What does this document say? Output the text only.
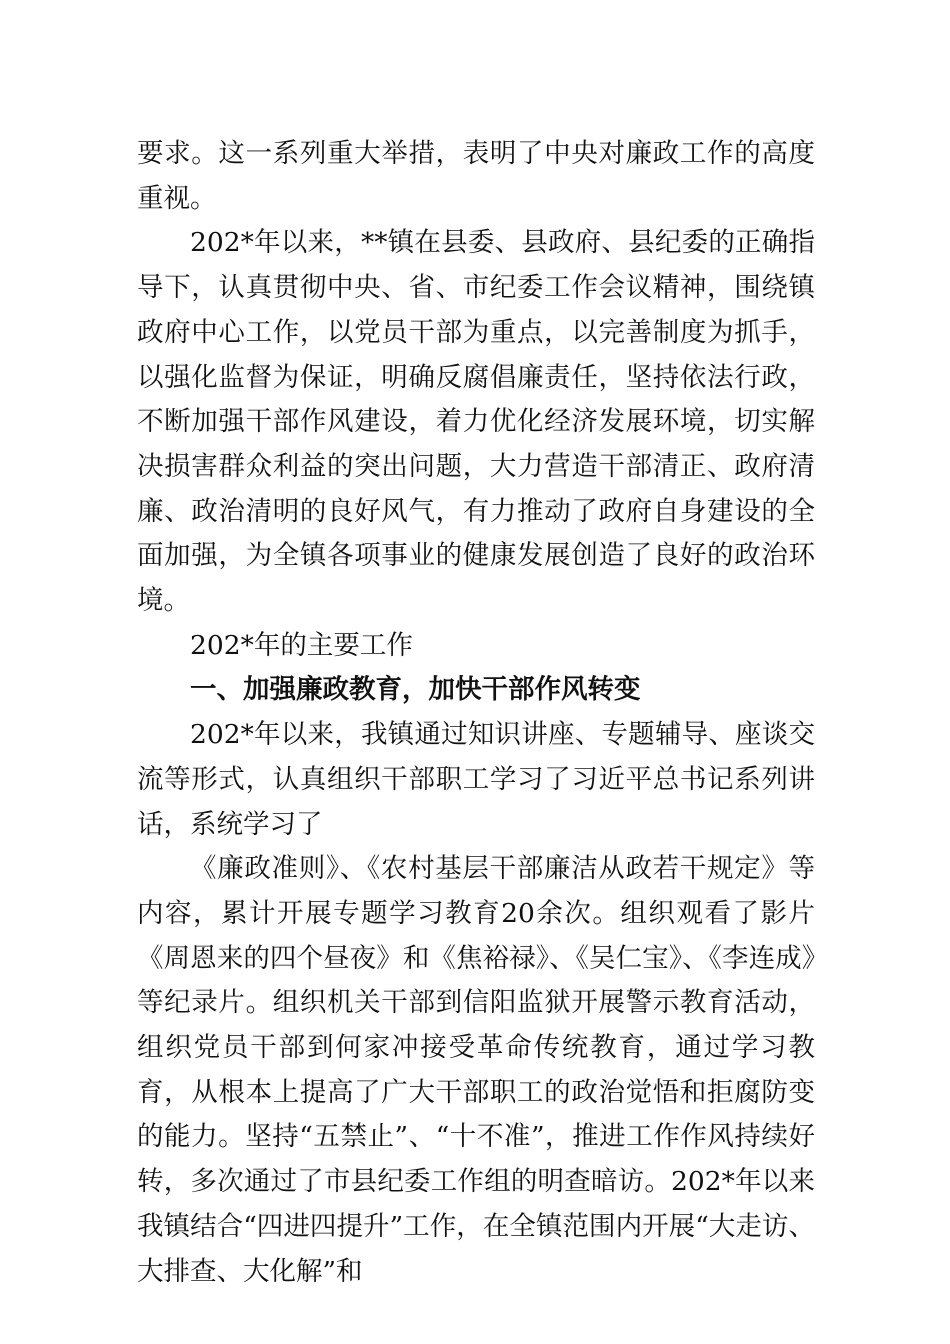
要求。这一系列重大举措，表明了中央对廉政工作的高度重视。

202*年以来，**镇在县委、县政府、县纪委的正确指导下，认真贯彻中央、省、市纪委工作会议精神，围绕镇政府中心工作，以党员干部为重点，以完善制度为抓手，以强化监督为保证，明确反腐倡廉责任，坚持依法行政，不断加强干部作风建设，着力优化经济发展环境，切实解决损害群众利益的突出问题，大力营造干部清正、政府清廉、政治清明的良好风气，有力推动了政府自身建设的全面加强，为全镇各项事业的健康发展创造了良好的政治环境。

202*年的主要工作

一、加强廉政教育，加快干部作风转变

202*年以来，我镇通过知识讲座、专题辅导、座谈交流等形式，认真组织干部职工学习了习近平总书记系列讲话，系统学习了

《廉政准则》、《农村基层干部廉洁从政若干规定》等内容，累计开展专题学习教育20余次。组织观看了影片《周恩来的四个昼夜》和《焦裕禄》、《吴仁宝》、《李连成》等纪录片。组织机关干部到信阳监狱开展警示教育活动，组织党员干部到何家冲接受革命传统教育，通过学习教育，从根本上提高了广大干部职工的政治觉悟和拒腐防变的能力。坚持“五禁止”、“十不准”，推进工作作风持续好转，多次通过了市县纪委工作组的明查暗访。202*年以来我镇结合“四进四提升”工作，在全镇范围内开展“大走访、大排查、大化解”和
